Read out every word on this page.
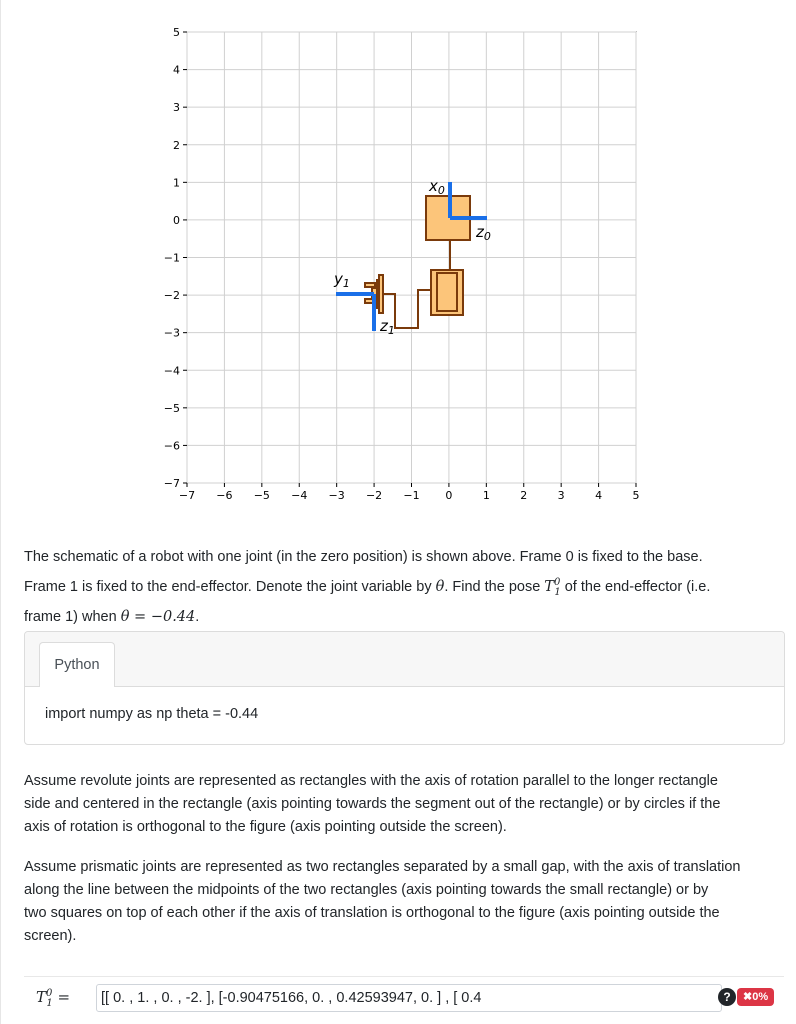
−7 −6 −5 −4 −3 −2 −1 0	1	2	3	4	5
5
4
3
2
1
0
−1
−2
−3
−4
−5
−6
−7
$x_0$
$z_0$
$y_1$
$z_1$
The schematic of a robot with one joint (in the zero position) is shown above. Frame 0 is fixed to the base.
Frame 1 is fixed to the end-effector. Denote the joint variable by θ. Find the pose $T^0_1$ of the end-effector (i.e.
frame 1) when θ = −0.44.
Python
import numpy as np theta = -0.44
Assume revolute joints are represented as rectangles with the axis of rotation parallel to the longer rectangle
side and centered in the rectangle (axis pointing towards the segment out of the rectangle) or by circles if the
axis of rotation is orthogonal to the figure (axis pointing outside the screen).
Assume prismatic joints are represented as two rectangles separated by a small gap, with the axis of translation
along the line between the midpoints of the two rectangles (axis pointing towards the small rectangle) or by
two squares on top of each other if the axis of translation is orthogonal to the figure (axis pointing outside the
screen).
$T^0_1$ =	[[ 0. , 1. , 0. , -2. ], [-0.90475166, 0. , 0.42593947, 0. ] , [ 0.4	?	✖0%
